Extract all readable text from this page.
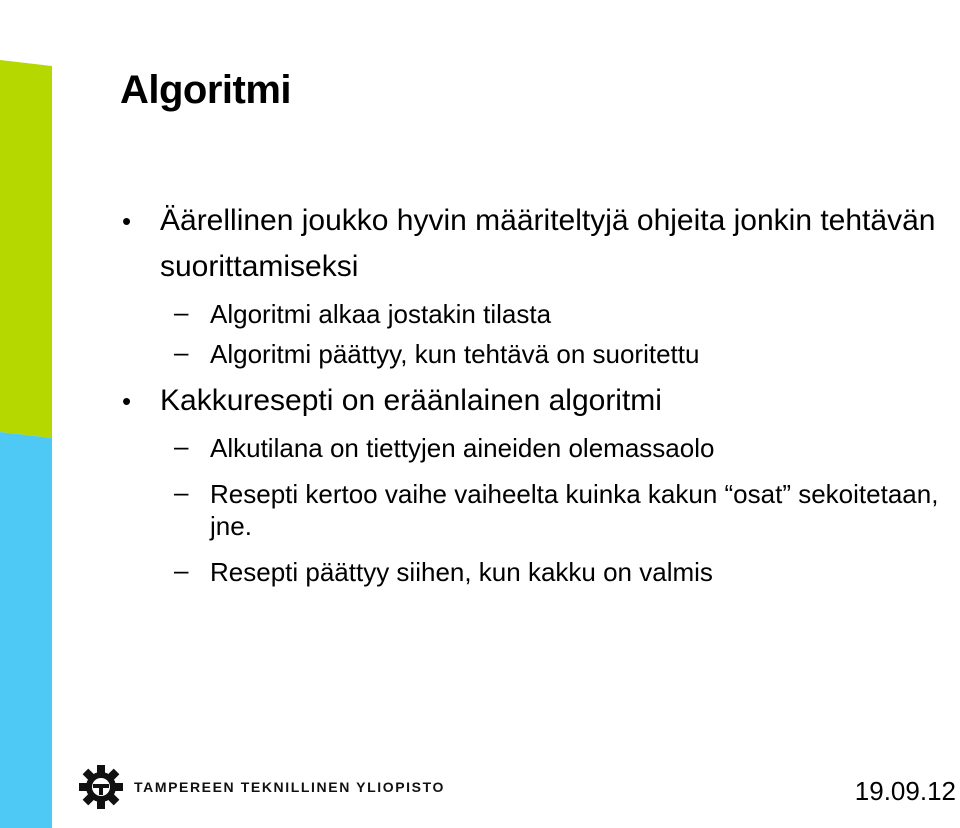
Algoritmi

• Äärellinen joukko hyvin määriteltyjä ohjeita jonkin tehtävän suorittamiseksi

– Algoritmi alkaa jostakin tilasta

– Algoritmi päättyy, kun tehtävä on suoritettu

• Kakkuresepti on eräänlainen algoritmi

– Alkutilana on tiettyjen aineiden olemassaolo

– Resepti kertoo vaihe vaiheelta kuinka kakun “osat” sekoitetaan, jne.

– Resepti päättyy siihen, kun kakku on valmis

TAMPEREEN TEKNILLINEN YLIOPISTO	19.09.12
